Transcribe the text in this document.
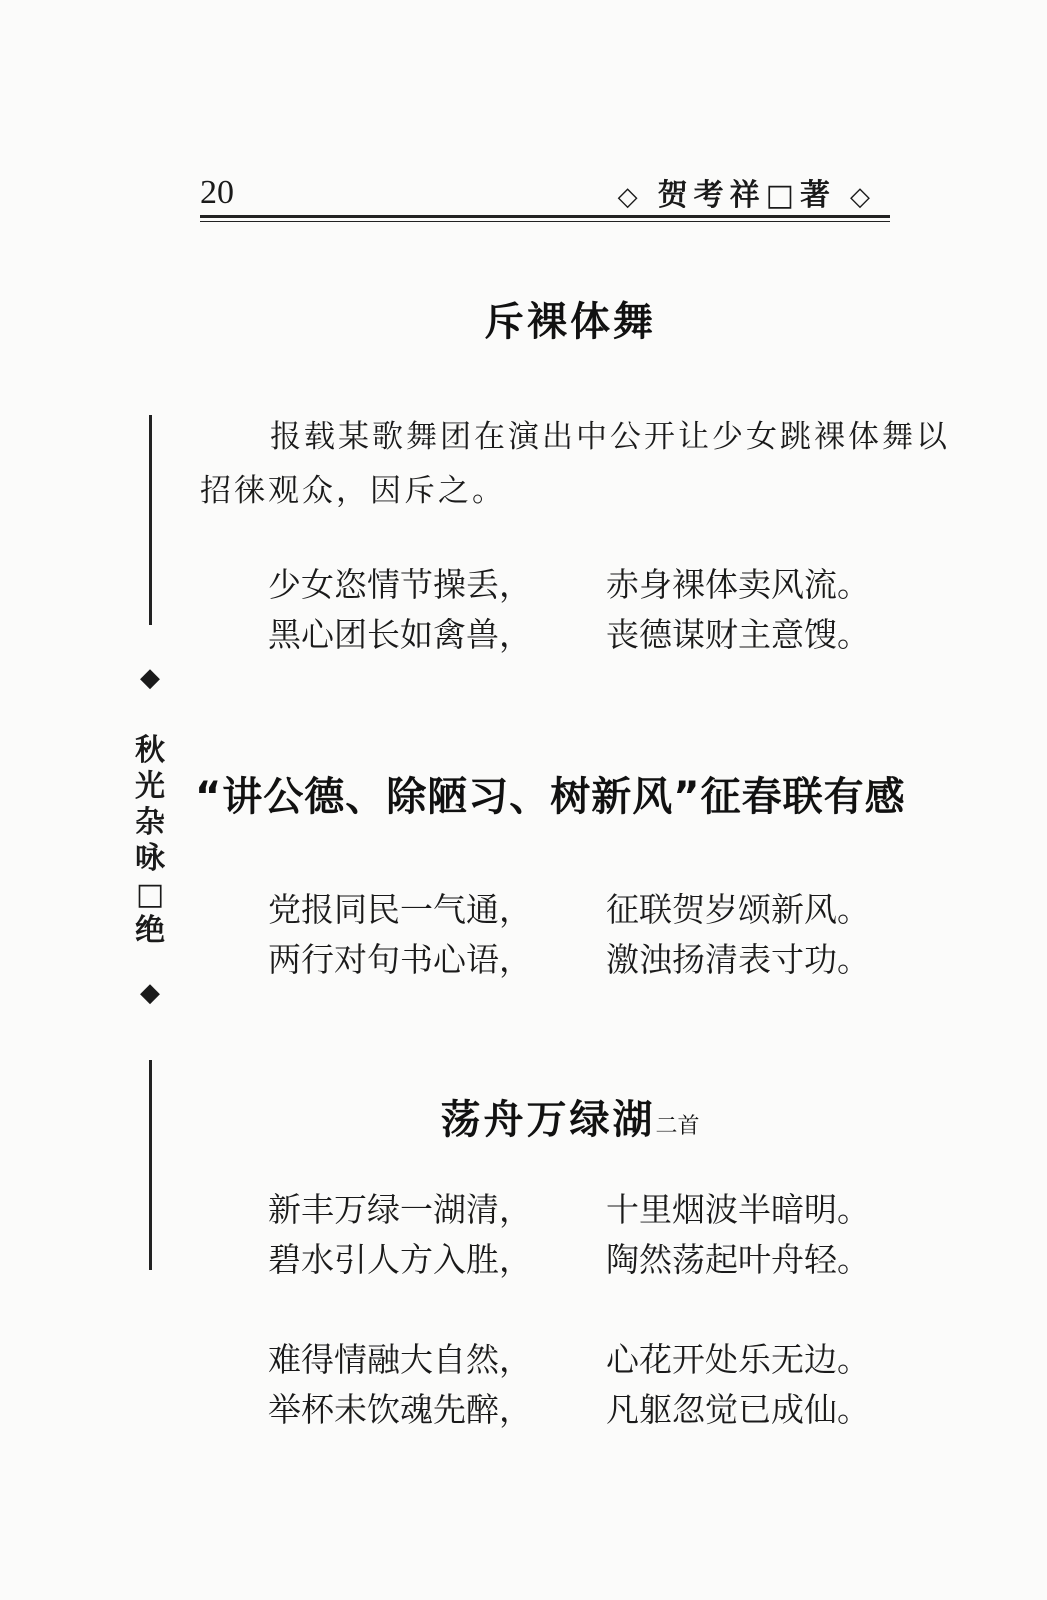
20	◇ 贺考祥□著 ◇
◆
秋
光
杂
咏
□
绝
◆
斥裸体舞
报载某歌舞团在演出中公开让少女跳裸体舞以招徕观众，因斥之。
少女恣情节操丢，	赤身裸体卖风流。
黑心团长如禽兽，	丧德谋财主意馊。
“讲公德、除陋习、树新风”征春联有感
党报同民一气通，	征联贺岁颂新风。
两行对句书心语，	激浊扬清表寸功。
荡舟万绿湖二首
新丰万绿一湖清，	十里烟波半暗明。
碧水引人方入胜，	陶然荡起叶舟轻。
难得情融大自然，	心花开处乐无边。
举杯未饮魂先醉，	凡躯忽觉已成仙。
